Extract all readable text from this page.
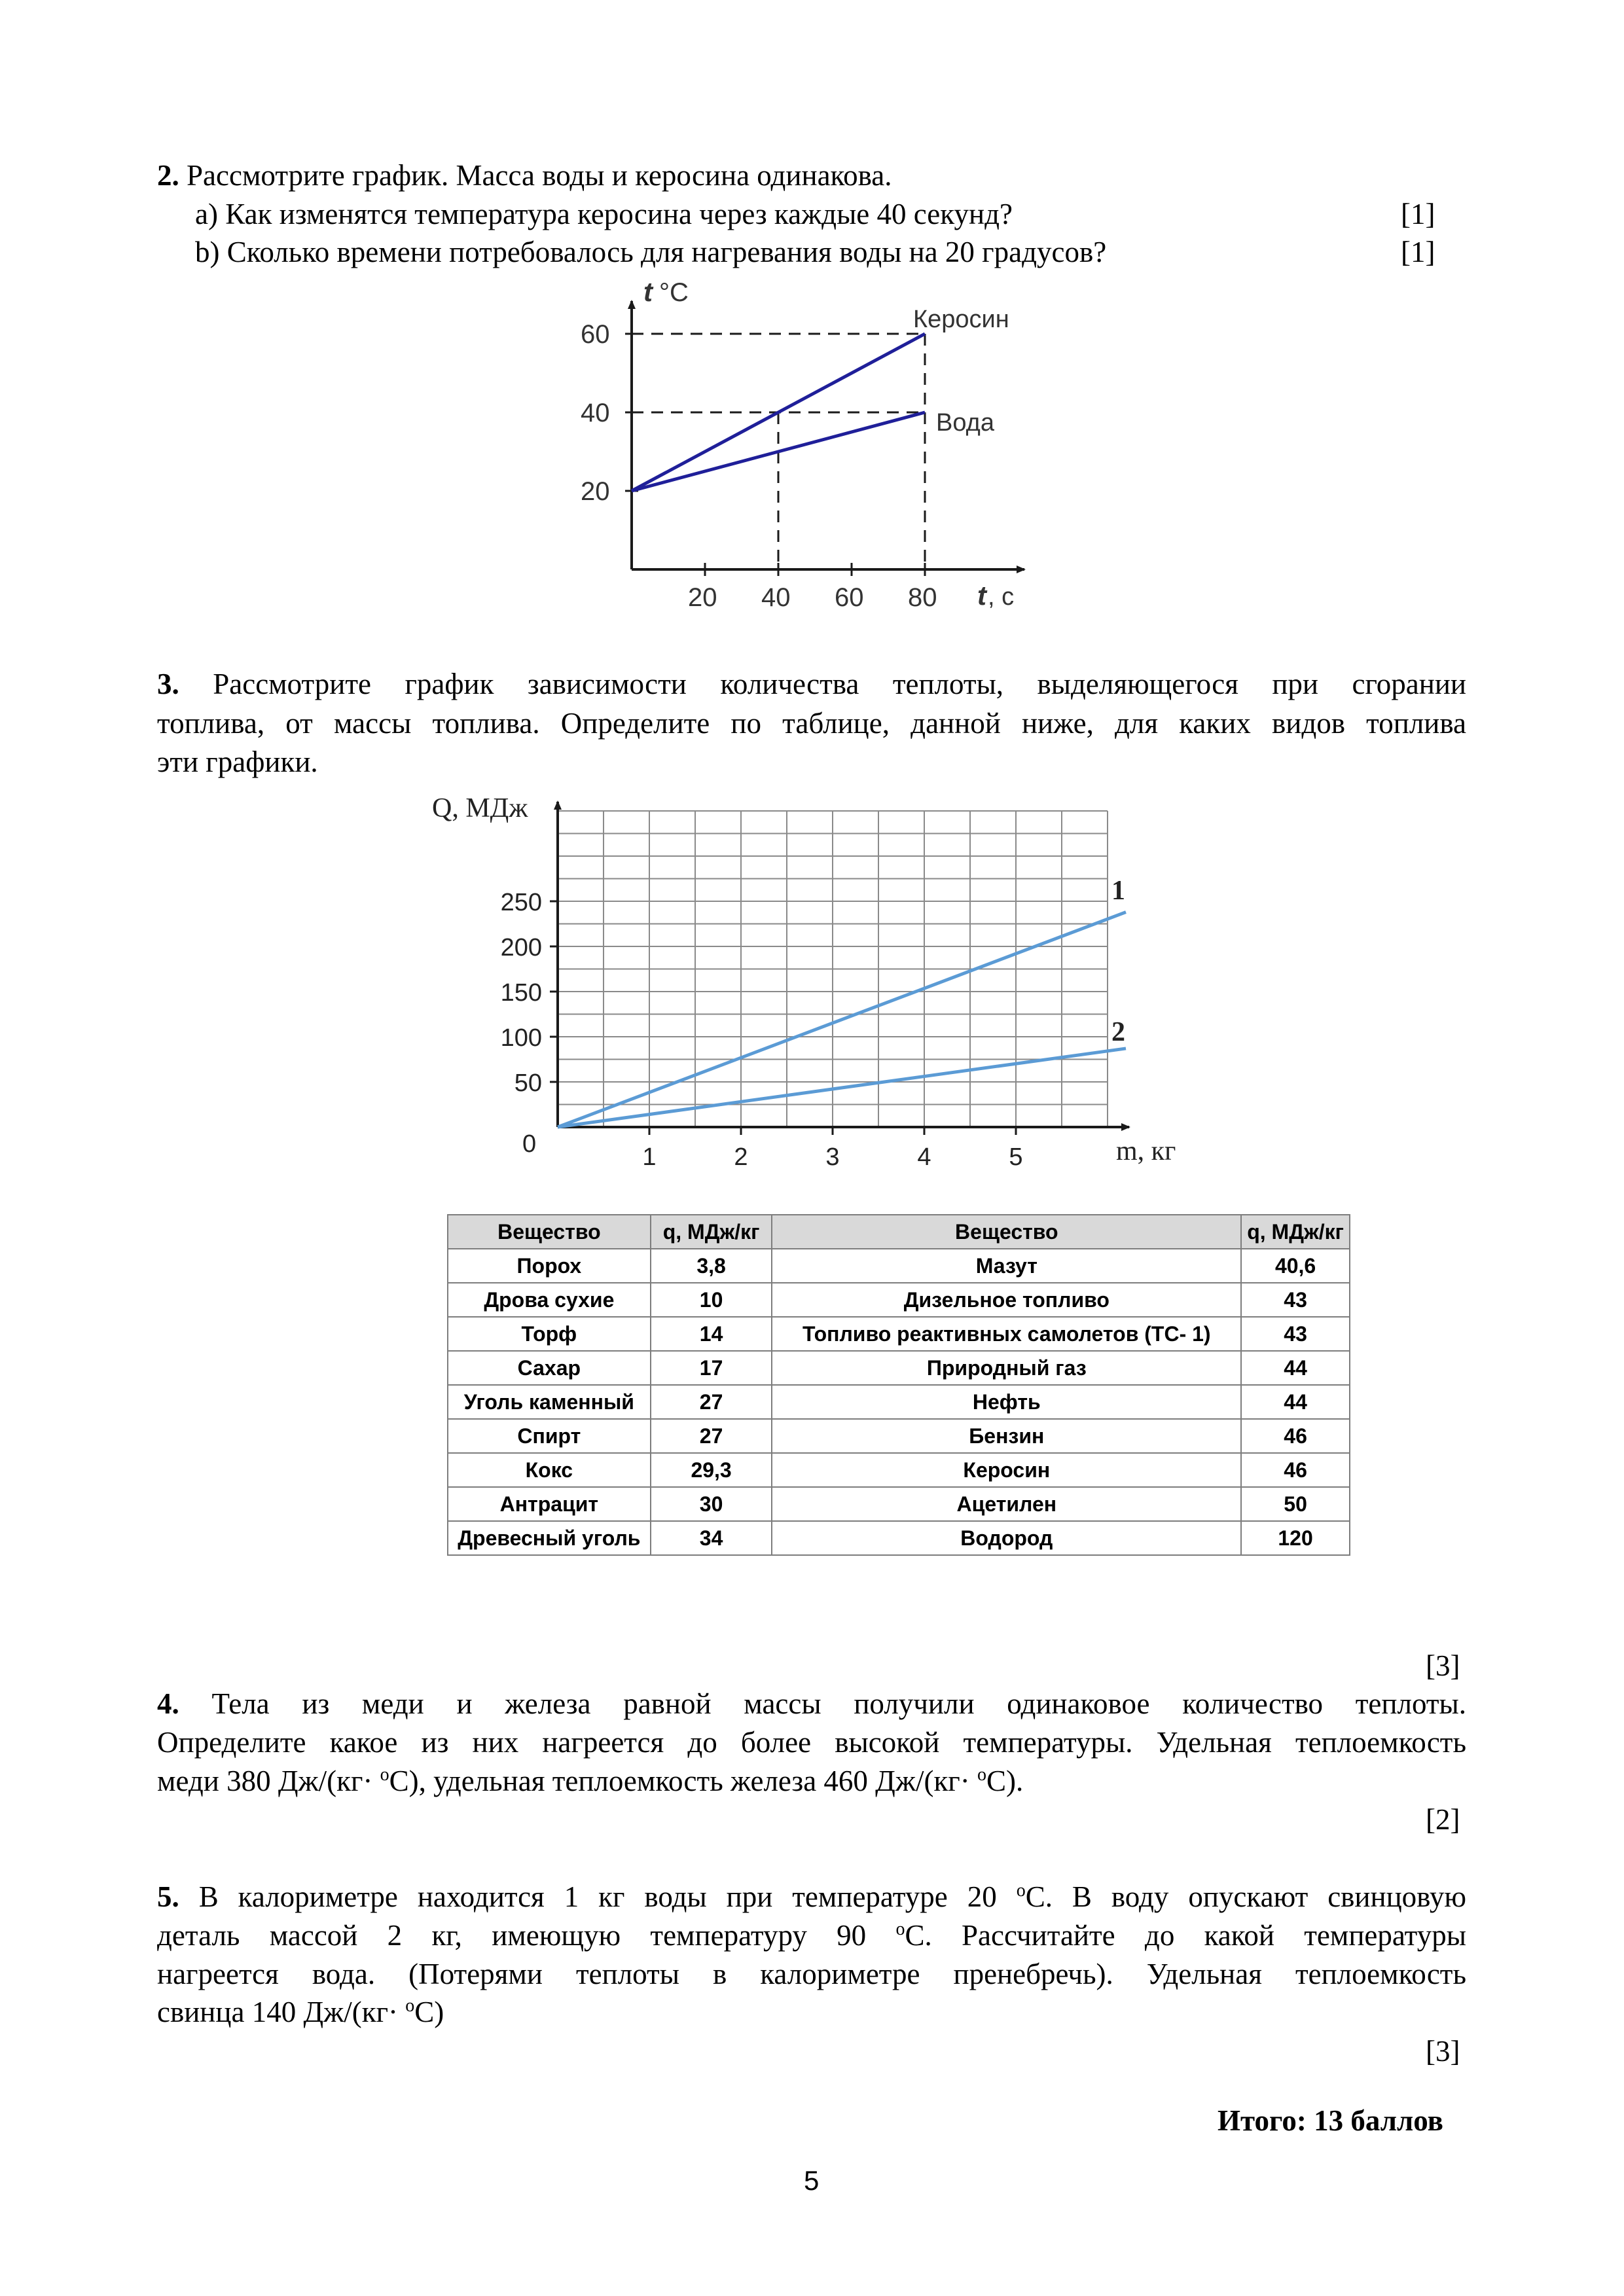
2. Рассмотрите график. Масса воды и керосина одинакова.
a) Как изменятся температура керосина через каждые 40 секунд?	[1]
b) Сколько времени потребовалось для нагревания воды на 20 градусов?	[1]
20
40
60
20 40 60 80
t °C
t , c
Керосин
Вода
3. Рассмотрите график зависимости количества теплоты, выделяющегося при сгорании
топлива, от массы топлива. Определите по таблице, данной ниже, для каких видов топлива
эти графики.
50
100
150
200
250
1	2	3	4	5
Q, МДж
m, кг
0
1
2
Вещество	q, МДж/кг	Вещество	q, МДж/кг
Порох	3,8	Мазут	40,6
Дрова сухие	10	Дизельное топливо	43
Торф	14	Топливо реактивных самолетов (ТС- 1)	43
Сахар	17	Природный газ	44
Уголь каменный	27	Нефть	44
Спирт	27	Бензин	46
Кокс	29,3	Керосин	46
Антрацит	30	Ацетилен	50
Древесный уголь	34	Водород	120
[3]
4. Тела из меди и железа равной массы получили одинаковое количество теплоты.
Определите какое из них нагреется до более высокой температуры. Удельная теплоемкость
меди 380 Дж/(кг· $^o$С), удельная теплоемкость железа 460 Дж/(кг· $^o$С).
[2]
5. В калориметре находится 1 кг воды при температуре 20 $^o$С. В воду опускают свинцовую
деталь массой 2 кг, имеющую температуру 90 $^o$С. Рассчитайте до какой температуры
нагреется вода. (Потерями теплоты в калориметре пренебречь). Удельная теплоемкость
свинца 140 Дж/(кг· $^o$С)
[3]
Итого: 13 баллов
5
